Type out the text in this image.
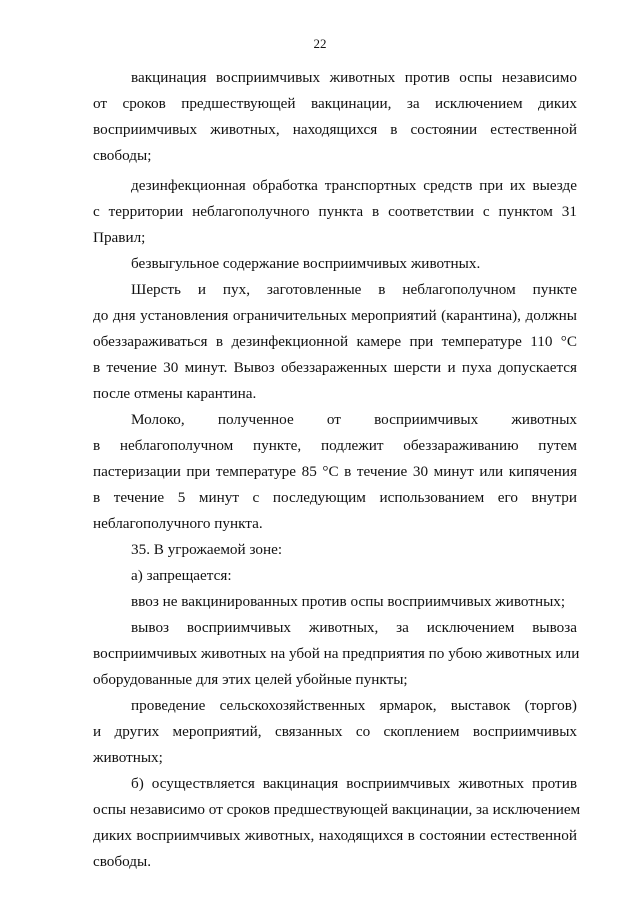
22
вакцинация восприимчивых животных против оспы независимо
от сроков предшествующей вакцинации, за исключением диких
восприимчивых животных, находящихся в состоянии естественной
свободы;
дезинфекционная обработка транспортных средств при их выезде
с территории неблагополучного пункта в соответствии с пунктом 31
Правил;
безвыгульное содержание восприимчивых животных.
Шерсть и пух, заготовленные в неблагополучном пункте
до дня установления ограничительных мероприятий (карантина), должны
обеззараживаться в дезинфекционной камере при температуре 110 °С
в течение 30 минут. Вывоз обеззараженных шерсти и пуха допускается
после отмены карантина.
Молоко, полученное от восприимчивых животных
в неблагополучном пункте, подлежит обеззараживанию путем
пастеризации при температуре 85 °С в течение 30 минут или кипячения
в течение 5 минут с последующим использованием его внутри
неблагополучного пункта.
35. В угрожаемой зоне:
а) запрещается:
ввоз не вакцинированных против оспы восприимчивых животных;
вывоз восприимчивых животных, за исключением вывоза
восприимчивых животных на убой на предприятия по убою животных или
оборудованные для этих целей убойные пункты;
проведение сельскохозяйственных ярмарок, выставок (торгов)
и других мероприятий, связанных со скоплением восприимчивых
животных;
б) осуществляется вакцинация восприимчивых животных против
оспы независимо от сроков предшествующей вакцинации, за исключением
диких восприимчивых животных, находящихся в состоянии естественной
свободы.
